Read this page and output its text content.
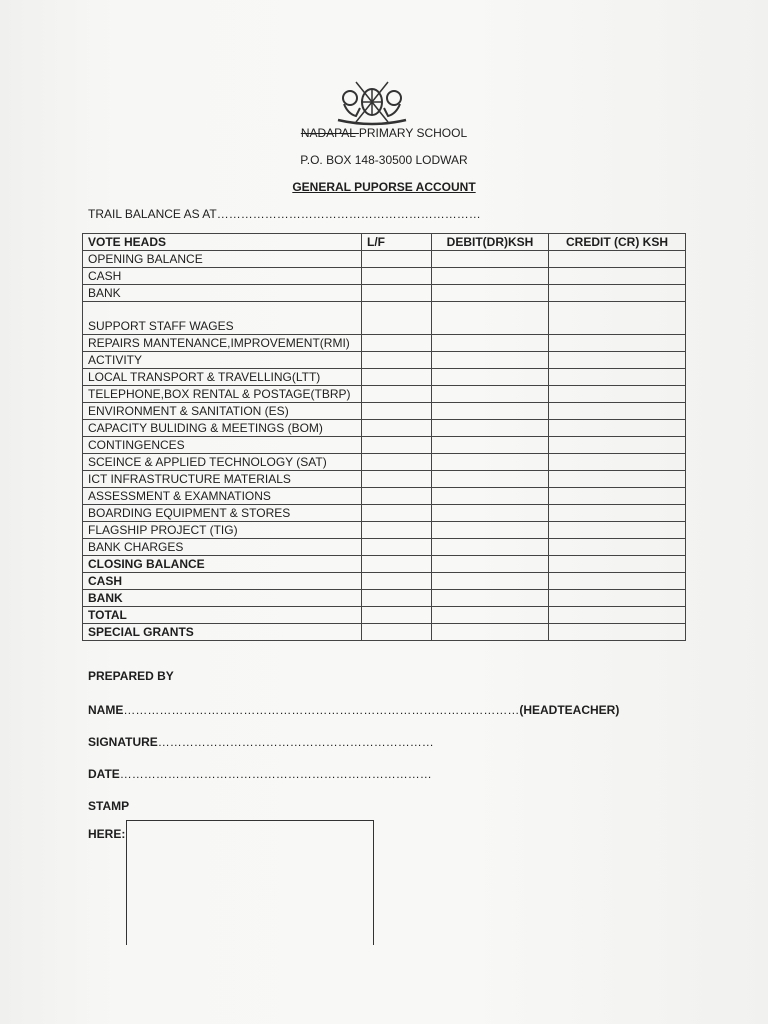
NADAPAL PRIMARY SCHOOL
P.O. BOX 148-30500 LODWAR
GENERAL PUPORSE ACCOUNT
TRAIL BALANCE AS AT…………………………………………………………
VOTE HEADS	L/F	DEBIT(DR)KSH	CREDIT (CR) KSH
OPENING BALANCE			
CASH			
BANK			
SUPPORT STAFF WAGES			
REPAIRS MANTENANCE,IMPROVEMENT(RMI)			
ACTIVITY			
LOCAL TRANSPORT & TRAVELLING(LTT)			
TELEPHONE,BOX RENTAL & POSTAGE(TBRP)			
ENVIRONMENT & SANITATION (ES)			
CAPACITY BULIDING & MEETINGS (BOM)			
CONTINGENCES			
SCEINCE & APPLIED TECHNOLOGY (SAT)			
ICT INFRASTRUCTURE MATERIALS			
ASSESSMENT & EXAMNATIONS			
BOARDING EQUIPMENT & STORES			
FLAGSHIP PROJECT (TIG)			
BANK CHARGES			
CLOSING BALANCE			
CASH			
BANK			
TOTAL			
SPECIAL GRANTS			
PREPARED BY
NAME………………………………………………………………………………………(HEADTEACHER)
SIGNATURE……………………………………………………………
DATE……………………………………………………………………
STAMP
HERE:
